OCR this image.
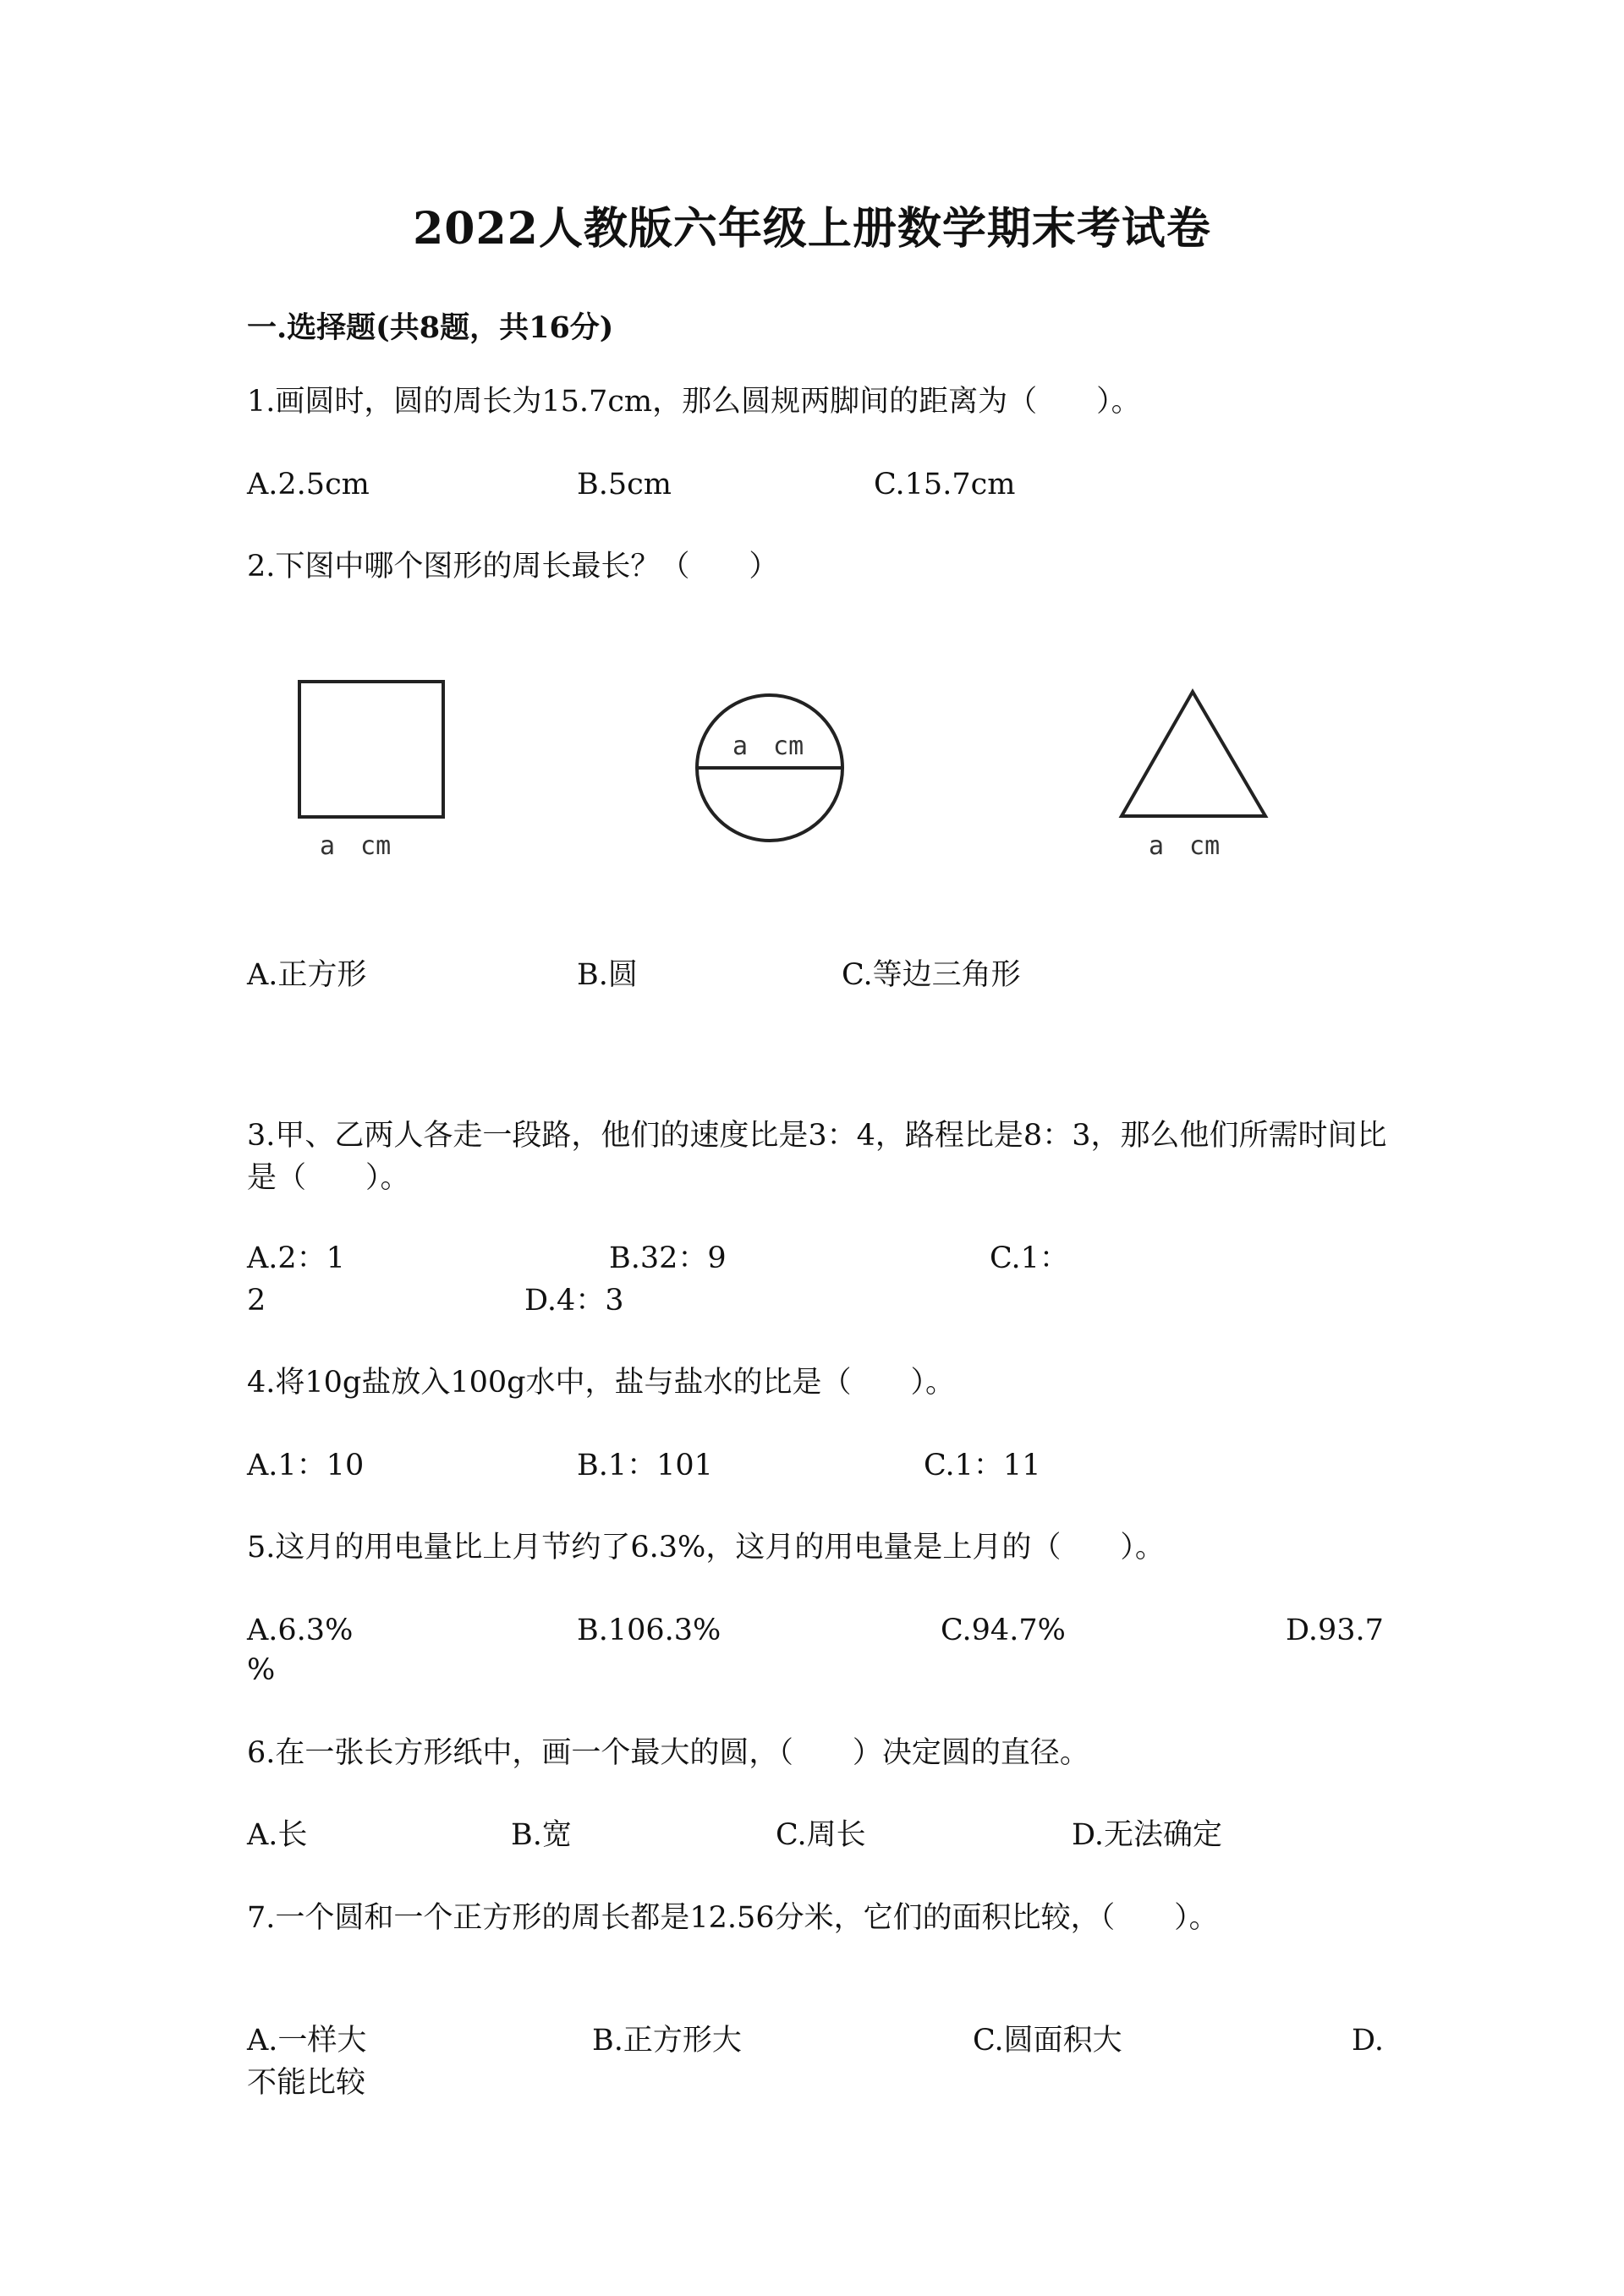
2022人教版六年级上册数学期末考试卷
一.选择题(共8题，共16分)
1.画圆时，圆的周长为15.7cm，那么圆规两脚间的距离为（　　）。
A.2.5cm	B.5cm	C.15.7cm
2.下图中哪个图形的周长最长？（　　）
a　cm
a　cm
a　cm
A.正方形	B.圆	C.等边三角形
3.甲、乙两人各走一段路，他们的速度比是3：4，路程比是8：3，那么他们所需时间比是（　　）。
A.2：1	B.32：9	C.1：
2	D.4：3
4.将10g盐放入100g水中，盐与盐水的比是（　　）。
A.1：10	B.1：101	C.1：11
5.这月的用电量比上月节约了6.3%，这月的用电量是上月的（　　）。
A.6.3%	B.106.3%	C.94.7%	D.93.7
%
6.在一张长方形纸中，画一个最大的圆，（　　）决定圆的直径。
A.长	B.宽	C.周长	D.无法确定
7.一个圆和一个正方形的周长都是12.56分米，它们的面积比较，（　　）。
A.一样大	B.正方形大	C.圆面积大	D.
不能比较
